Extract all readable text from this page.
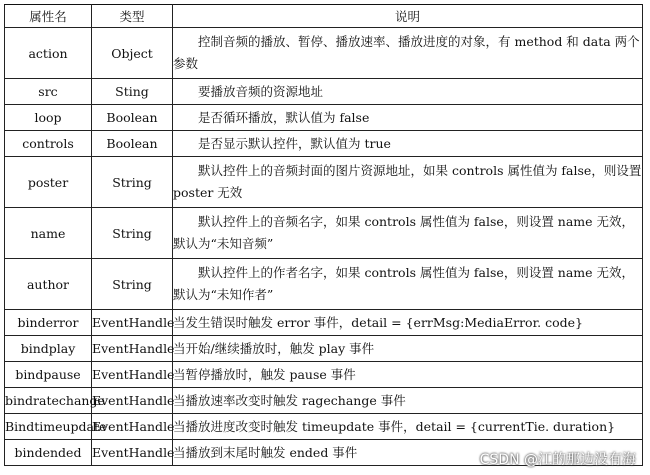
属性名	类型	说明
action	Object	控制音频的播放、暂停、播放速率、播放进度的对象，有 method 和 data 两个参数
src	Sting	要播放音频的资源地址
loop	Boolean	是否循环播放，默认值为 false
controls	Boolean	是否显示默认控件，默认值为 true
poster	String	默认控件上的音频封面的图片资源地址，如果 controls 属性值为 false，则设置 poster 无效
name	String	默认控件上的音频名字，如果 controls 属性值为 false，则设置 name 无效，默认为“未知音频”
author	String	默认控件上的作者名字，如果 controls 属性值为 false，则设置 name 无效，默认为“未知作者”
binderror	EventHandle	当发生错误时触发 error 事件，detail = {errMsg:MediaError. code}
bindplay	EventHandle	当开始/继续播放时，触发 play 事件
bindpause	EventHandle	当暂停播放时，触发 pause 事件
bindratechange	EventHandle	当播放速率改变时触发 ragechange 事件
Bindtimeupdate	EventHandle	当播放进度改变时触发 timeupdate 事件，detail = {currentTie. duration}
bindended	EventHandle	当播放到末尾时触发 ended 事件	CSDN @江的那边没有海
